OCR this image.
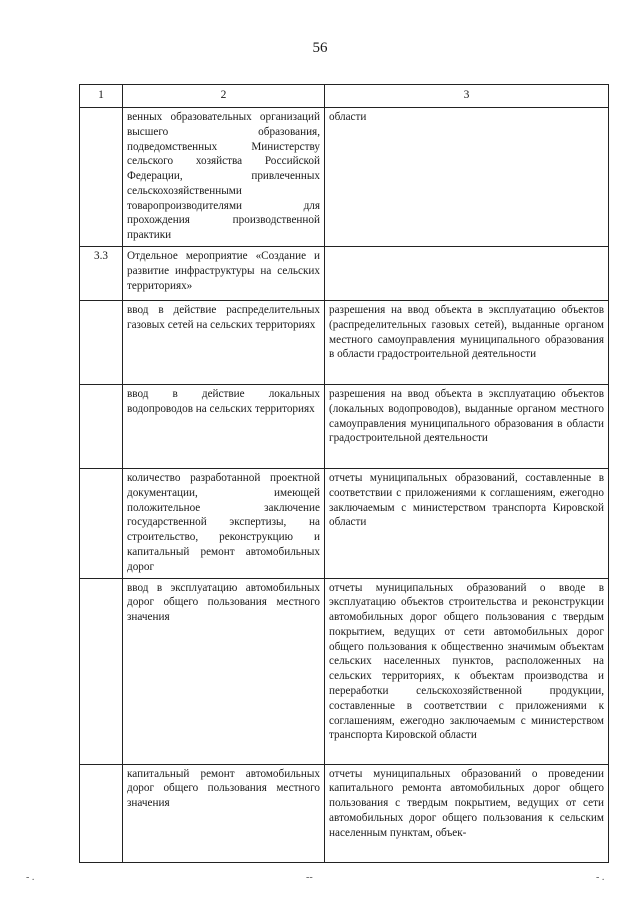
56
1	2	3
	венных образовательных организаций высшего образования, подведомственных Министерству сельского хозяйства Российской Федерации, привлеченных сельскохозяйственными товаропроизводителями для прохождения производственной практики	области
3.3	Отдельное мероприятие «Создание и развитие инфраструктуры на сельских территориях»	
	ввод в действие распределительных газовых сетей на сельских территориях	разрешения на ввод объекта в эксплуатацию объектов (распределительных газовых сетей), выданные органом местного самоуправления муниципального образования в области градостроительной деятельности
	ввод в действие локальных водопроводов на сельских территориях	разрешения на ввод объекта в эксплуатацию объектов (локальных водопроводов), выданные органом местного самоуправления муниципального образования в области градостроительной деятельности
	количество разработанной проектной документации, имеющей положительное заключение государственной экспертизы, на строительство, реконструкцию и капитальный ремонт автомобильных дорог	отчеты муниципальных образований, составленные в соответствии с приложениями к соглашениям, ежегодно заключаемым с министерством транспорта Кировской области
	ввод в эксплуатацию автомобильных дорог общего пользования местного значения	отчеты муниципальных образований о вводе в эксплуатацию объектов строительства и реконструкции автомобильных дорог общего пользования с твердым покрытием, ведущих от сети автомобильных дорог общего пользования к общественно значимым объектам сельских населенных пунктов, расположенных на сельских территориях, к объектам производства и переработки сельскохозяйственной продукции, составленные в соответствии с приложениями к соглашениям, ежегодно заключаемым с министерством транспорта Кировской области
	капитальный ремонт автомобильных дорог общего пользования местного значения	отчеты муниципальных образований о проведении капитального ремонта автомобильных дорог общего пользования с твердым покрытием, ведущих от сети автомобильных дорог общего пользования к сельским населенным пунктам, объек-
- .	--	- .
